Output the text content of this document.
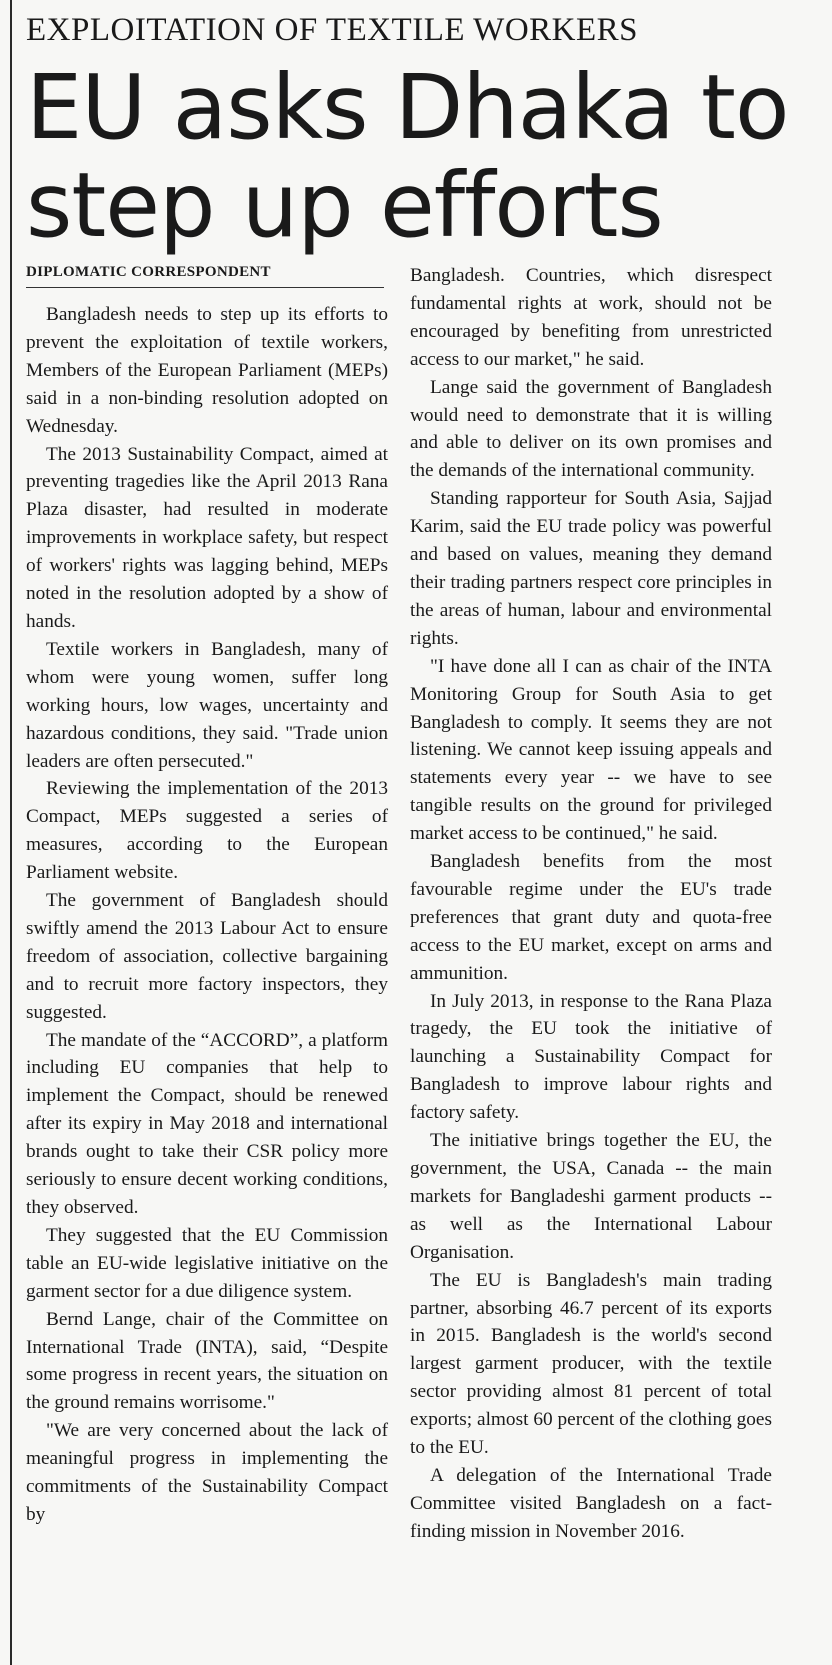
EXPLOITATION OF TEXTILE WORKERS
EU asks Dhaka to step up efforts
DIPLOMATIC CORRESPONDENT

Bangladesh needs to step up its efforts to prevent the exploitation of textile workers, Members of the European Parliament (MEPs) said in a non-binding resolution adopted on Wednesday.

The 2013 Sustainability Compact, aimed at preventing tragedies like the April 2013 Rana Plaza disaster, had resulted in moderate improvements in workplace safety, but respect of workers' rights was lagging behind, MEPs noted in the resolution adopted by a show of hands.

Textile workers in Bangladesh, many of whom were young women, suffer long working hours, low wages, uncertainty and hazardous conditions, they said. "Trade union leaders are often persecuted."

Reviewing the implementation of the 2013 Compact, MEPs suggested a series of measures, according to the European Parliament website.

The government of Bangladesh should swiftly amend the 2013 Labour Act to ensure freedom of association, collective bargaining and to recruit more factory inspectors, they suggested.

The mandate of the “ACCORD”, a platform including EU companies that help to implement the Compact, should be renewed after its expiry in May 2018 and international brands ought to take their CSR policy more seriously to ensure decent working conditions, they observed.

They suggested that the EU Commission table an EU-wide legislative initiative on the garment sector for a due diligence system.

Bernd Lange, chair of the Committee on International Trade (INTA), said, “Despite some progress in recent years, the situation on the ground remains worrisome."

"We are very concerned about the lack of meaningful progress in implementing the commitments of the Sustainability Compact by

Bangladesh. Countries, which disrespect fundamental rights at work, should not be encouraged by benefiting from unrestricted access to our market," he said.

Lange said the government of Bangladesh would need to demonstrate that it is willing and able to deliver on its own promises and the demands of the international community.

Standing rapporteur for South Asia, Sajjad Karim, said the EU trade policy was powerful and based on values, meaning they demand their trading partners respect core principles in the areas of human, labour and environmental rights.

"I have done all I can as chair of the INTA Monitoring Group for South Asia to get Bangladesh to comply. It seems they are not listening. We cannot keep issuing appeals and statements every year -- we have to see tangible results on the ground for privileged market access to be continued," he said.

Bangladesh benefits from the most favourable regime under the EU's trade preferences that grant duty and quota-free access to the EU market, except on arms and ammunition.

In July 2013, in response to the Rana Plaza tragedy, the EU took the initiative of launching a Sustainability Compact for Bangladesh to improve labour rights and factory safety.

The initiative brings together the EU, the government, the USA, Canada -- the main markets for Bangladeshi garment products -- as well as the International Labour Organisation.

The EU is Bangladesh's main trading partner, absorbing 46.7 percent of its exports in 2015. Bangladesh is the world's second largest garment producer, with the textile sector providing almost 81 percent of total exports; almost 60 percent of the clothing goes to the EU.

A delegation of the International Trade Committee visited Bangladesh on a fact-finding mission in November 2016.
